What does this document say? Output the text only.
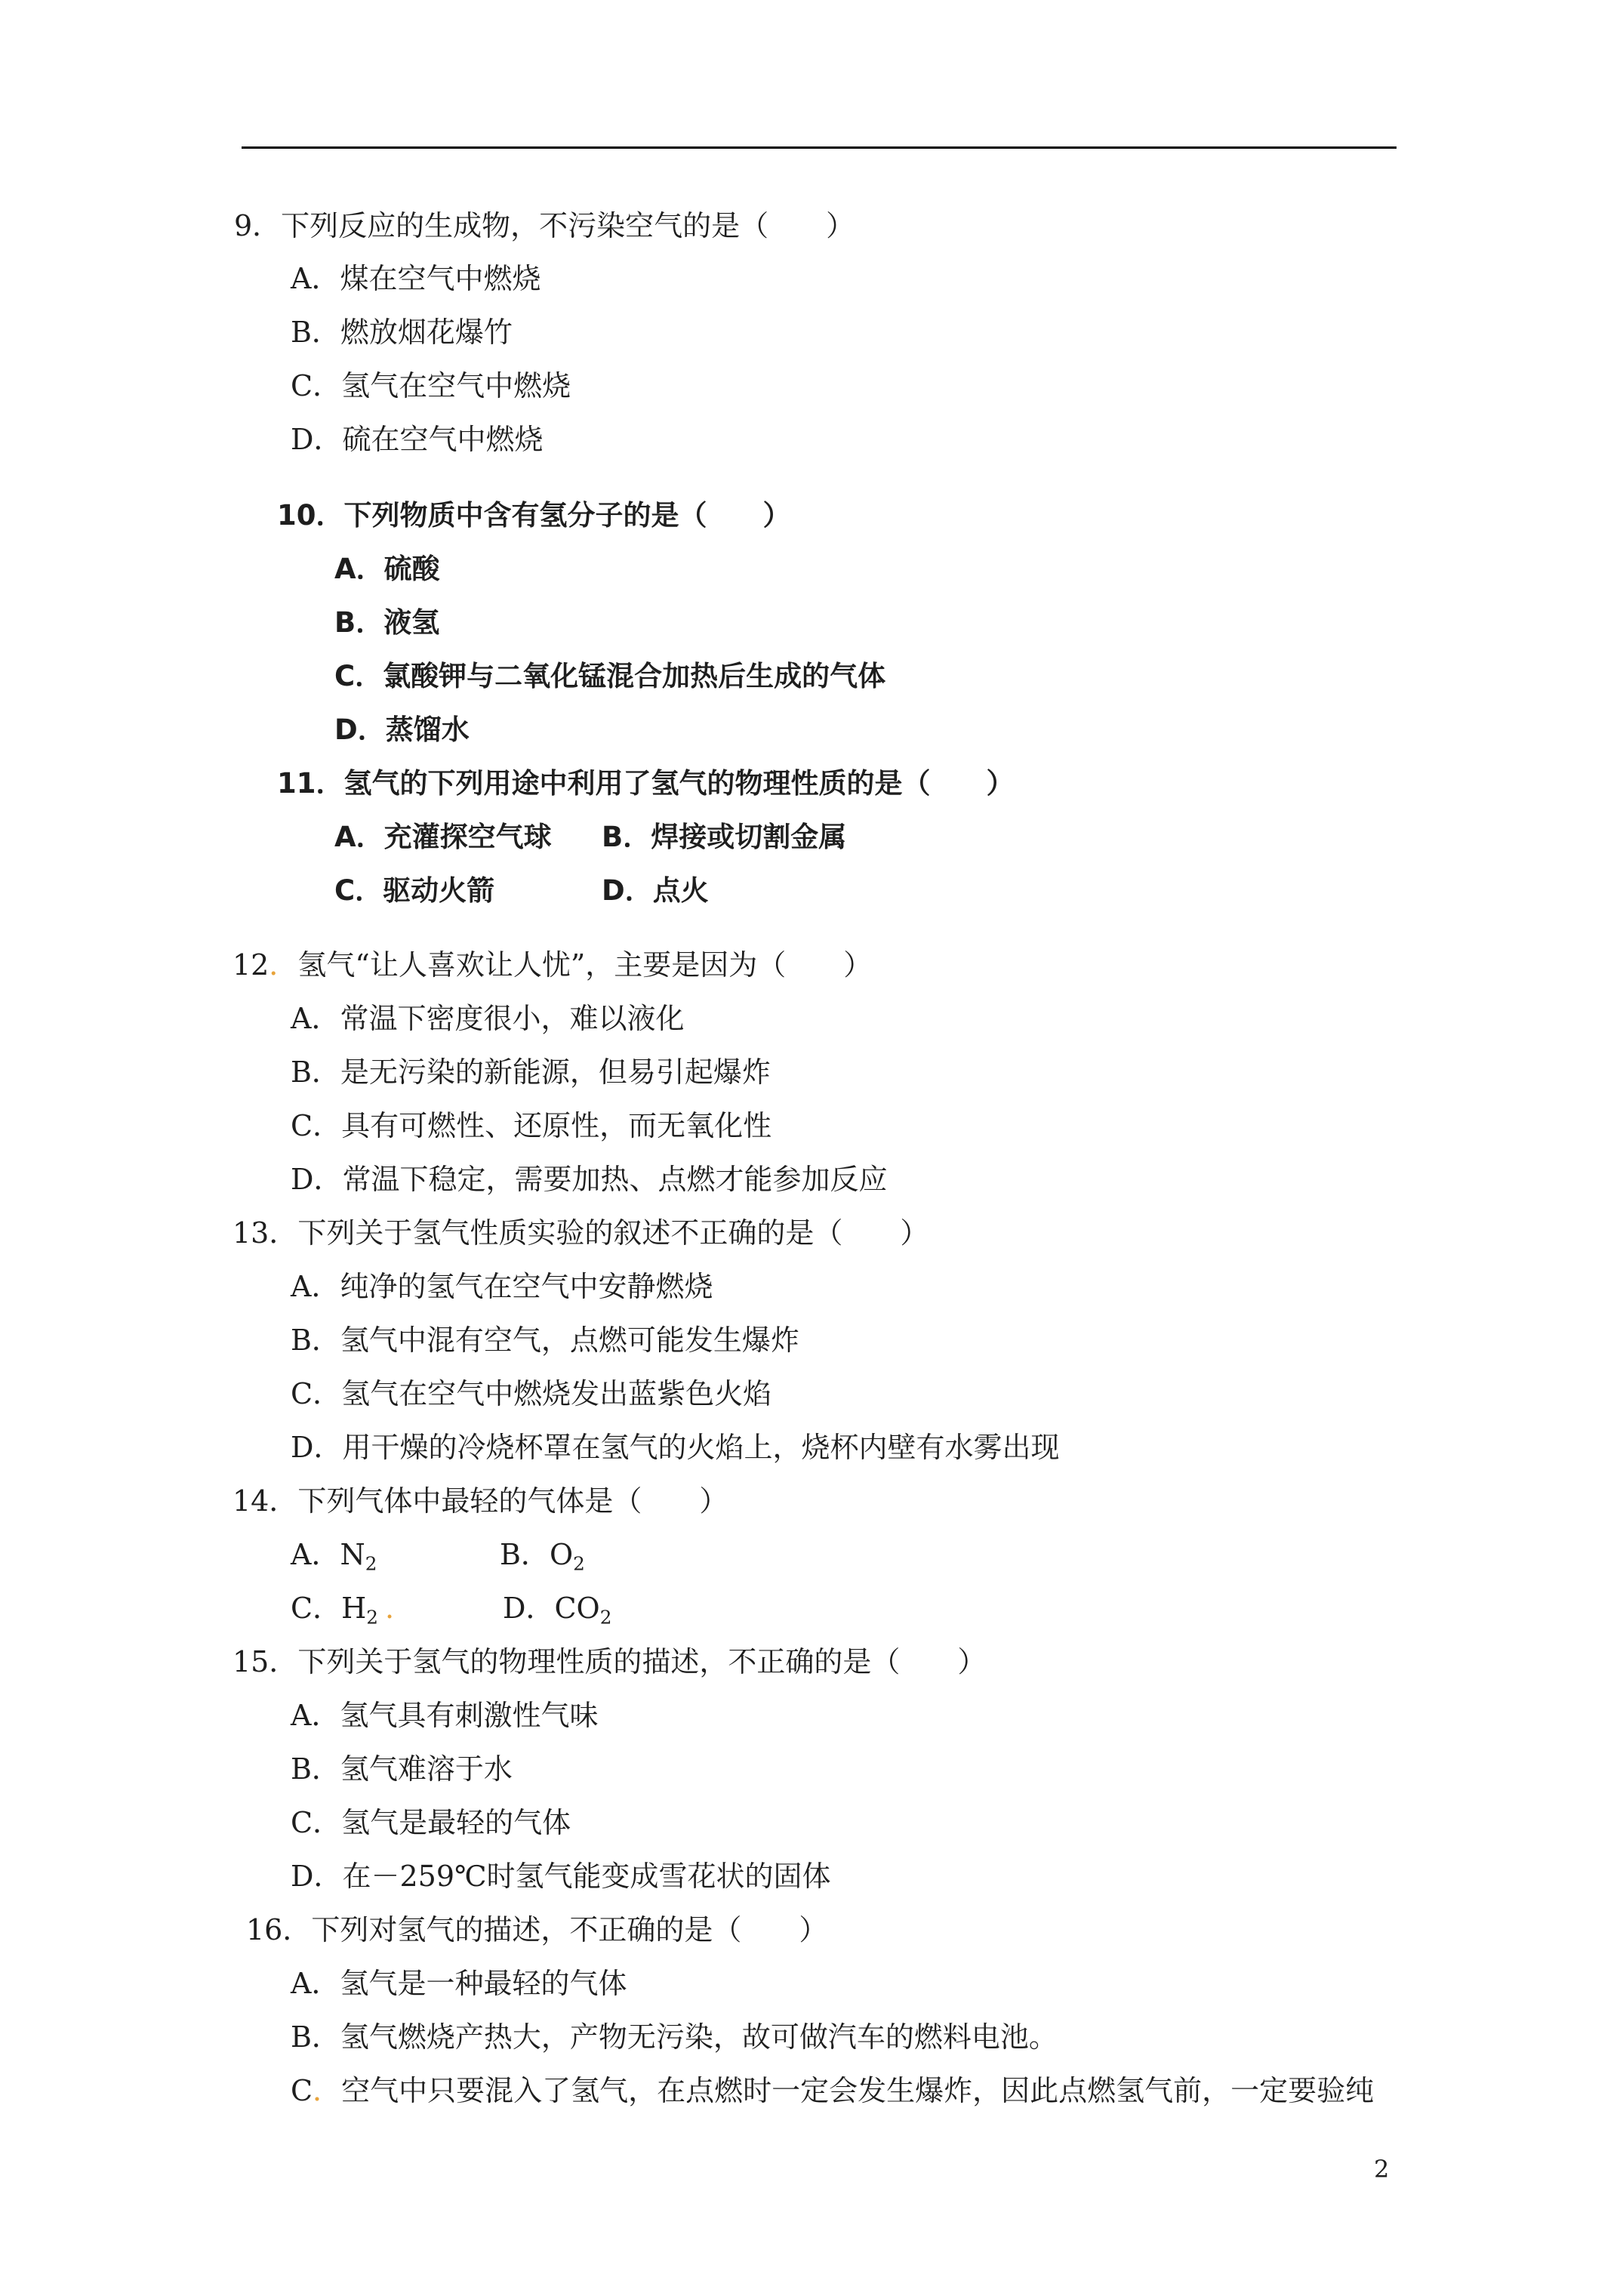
9．下列反应的生成物，不污染空气的是（　　）
A．煤在空气中燃烧
B．燃放烟花爆竹
C．氢气在空气中燃烧
D．硫在空气中燃烧
10．下列物质中含有氢分子的是（　　）
A．硫酸
B．液氢
C．氯酸钾与二氧化锰混合加热后生成的气体
D．蒸馏水
11．氢气的下列用途中利用了氢气的物理性质的是（　　）
A．充灌探空气球 B．焊接或切割金属
C．驱动火箭	D．点火
12．氢气“让人喜欢让人忧”，主要是因为（　　）
A．常温下密度很小，难以液化
B．是无污染的新能源，但易引起爆炸
C．具有可燃性、还原性，而无氧化性
D．常温下稳定，需要加热、点燃才能参加反应
13．下列关于氢气性质实验的叙述不正确的是（　　）
A．纯净的氢气在空气中安静燃烧
B．氢气中混有空气，点燃可能发生爆炸
C．氢气在空气中燃烧发出蓝紫色火焰
D．用干燥的冷烧杯罩在氢气的火焰上，烧杯内壁有水雾出现
14．下列气体中最轻的气体是（　　）
A．$N_2$	B．$O_2$
C．$H_2$ .	D．$CO_2$
15．下列关于氢气的物理性质的描述，不正确的是（　　）
A．氢气具有刺激性气味
B．氢气难溶于水
C．氢气是最轻的气体
D．在－259℃时氢气能变成雪花状的固体
16．下列对氢气的描述，不正确的是（　　）
A．氢气是一种最轻的气体
B．氢气燃烧产热大，产物无污染，故可做汽车的燃料电池。
C．空气中只要混入了氢气，在点燃时一定会发生爆炸，因此点燃氢气前，一定要验纯
2
